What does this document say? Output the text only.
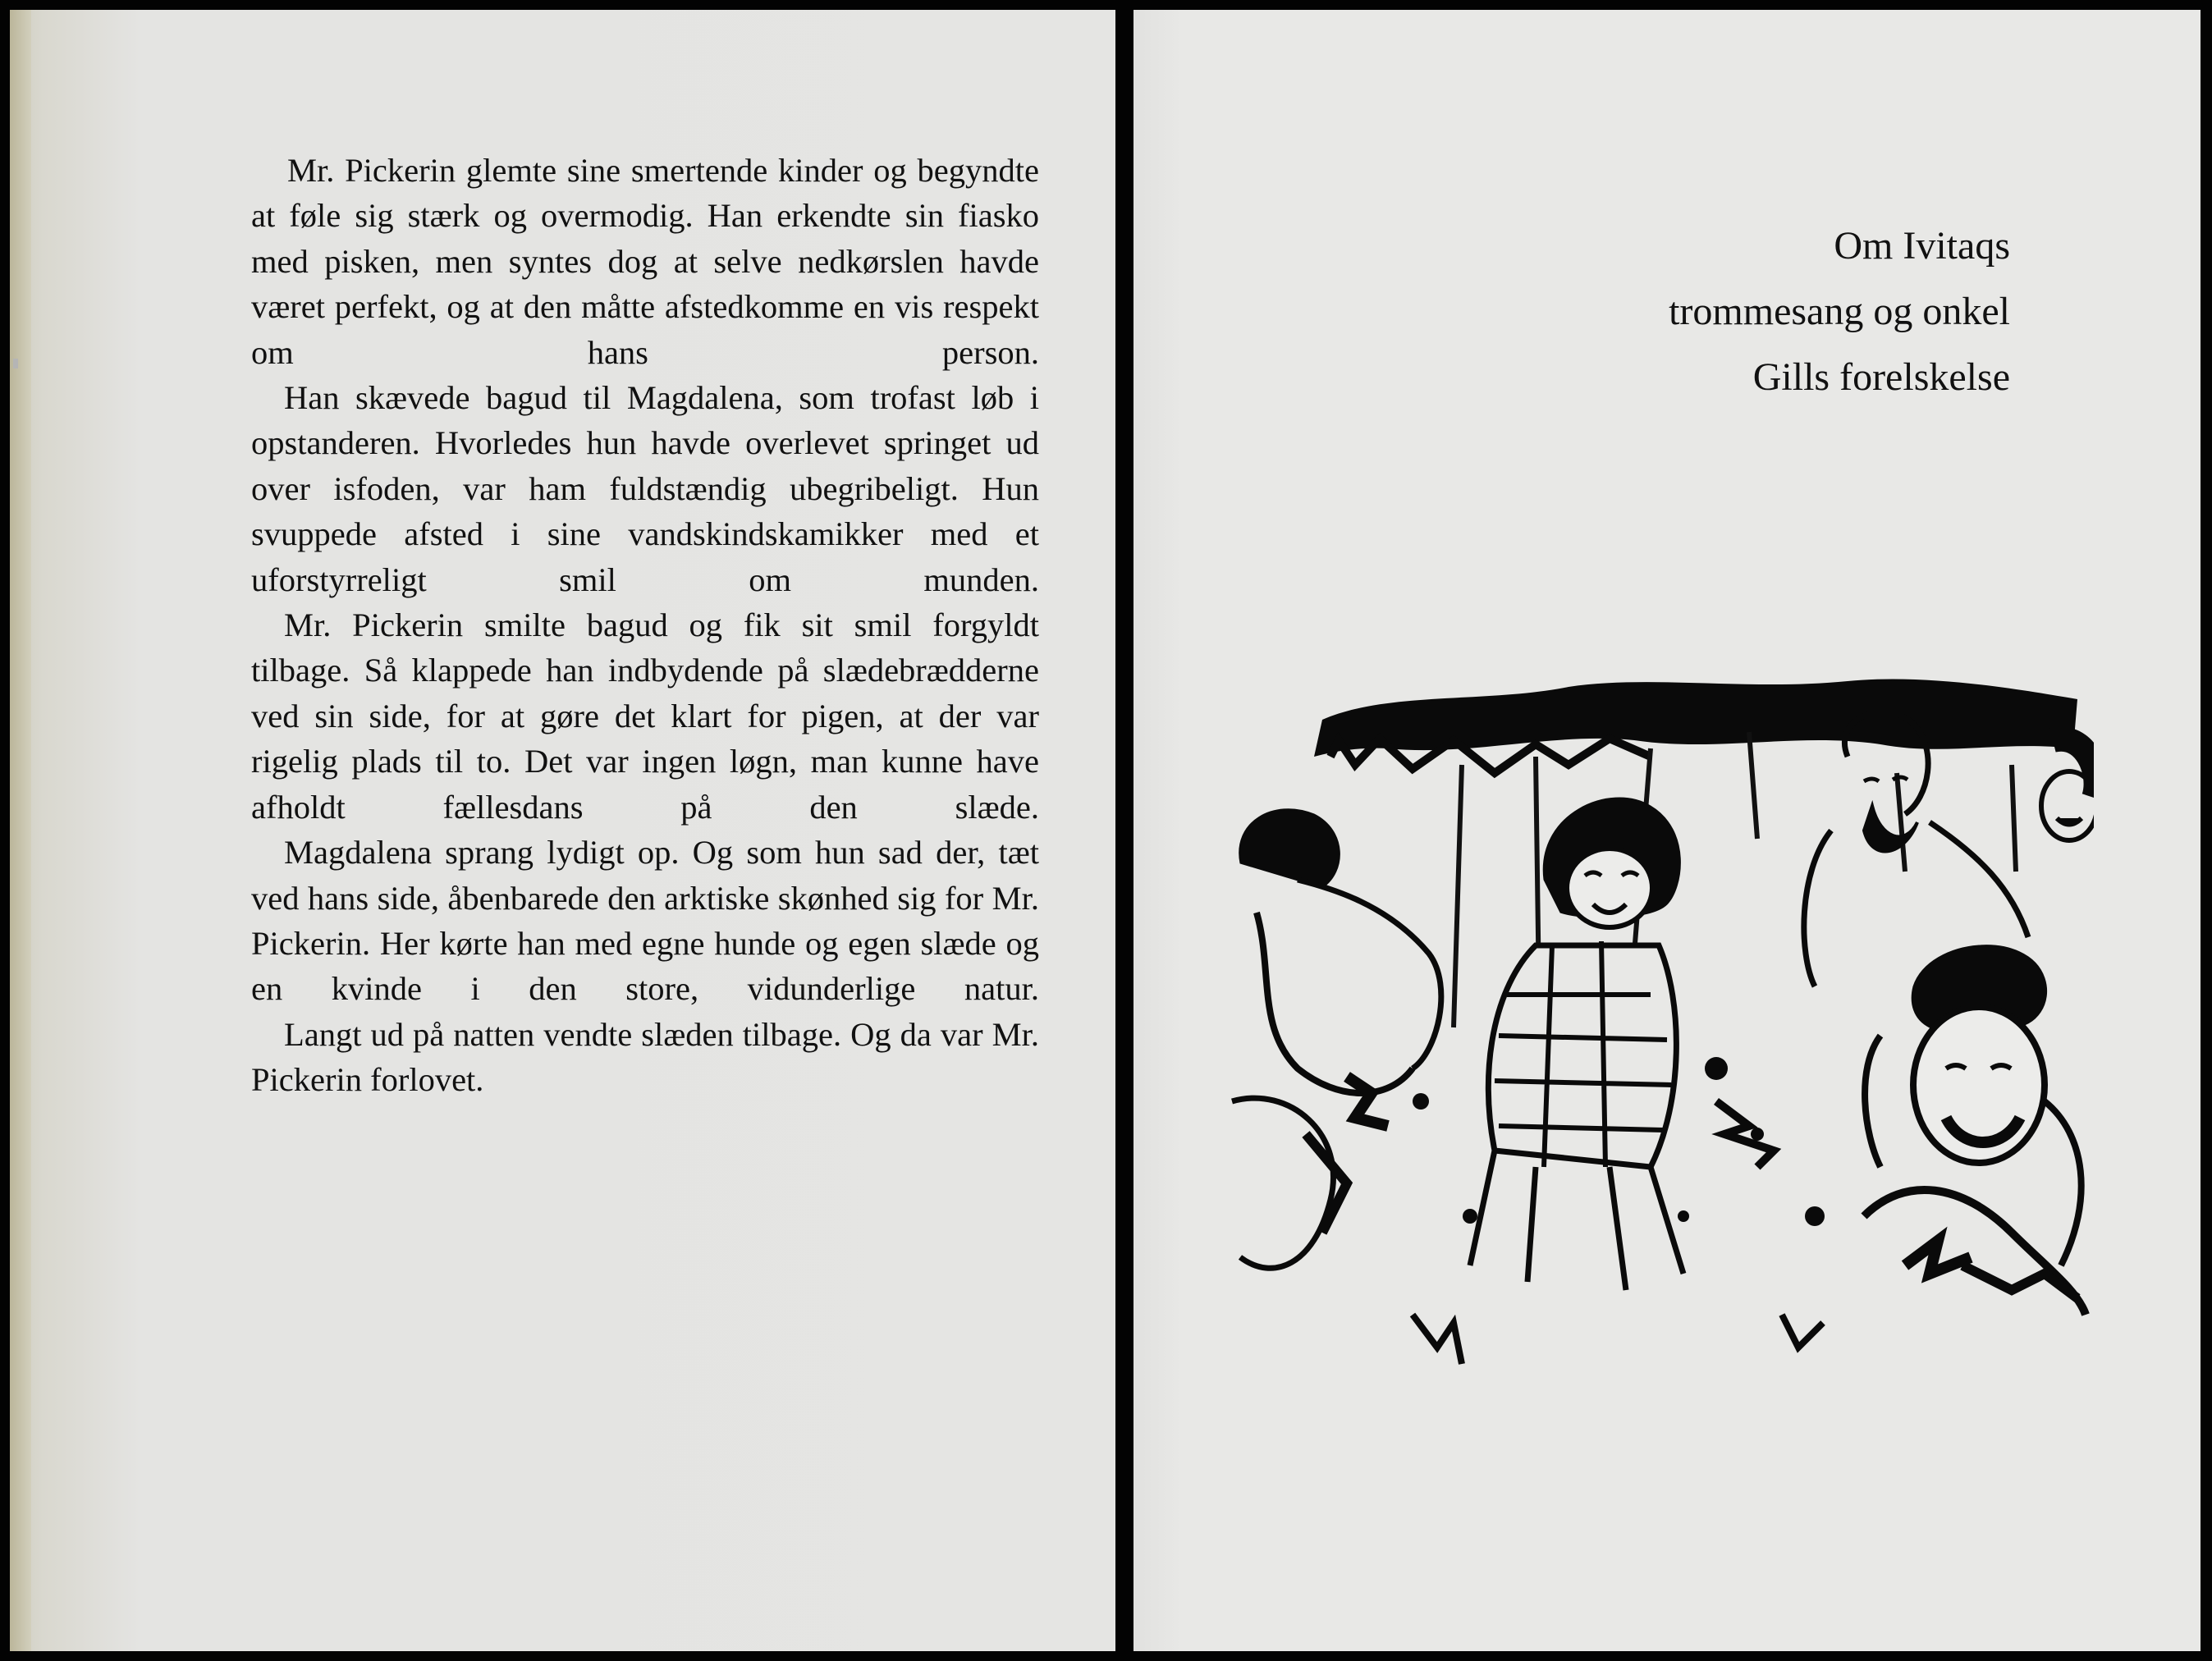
Mr. Pickerin glemte sine smertende kinder og begyndte at føle sig stærk og overmodig. Han erkendte sin fiasko med pisken, men syntes dog at selve nedkørslen havde været perfekt, og at den måtte afstedkomme en vis respekt om hans person.

Han skævede bagud til Magdalena, som trofast løb i opstanderen. Hvorledes hun havde overlevet springet ud over isfoden, var ham fuldstændig ubegribeligt. Hun svuppede afsted i sine vandskindskamikker med et uforstyrreligt smil om munden.

Mr. Pickerin smilte bagud og fik sit smil forgyldt tilbage. Så klappede han indbydende på slædebrædderne ved sin side, for at gøre det klart for pigen, at der var rigelig plads til to. Det var ingen løgn, man kunne have afholdt fællesdans på den slæde.

Magdalena sprang lydigt op. Og som hun sad der, tæt ved hans side, åbenbarede den arktiske skønhed sig for Mr. Pickerin. Her kørte han med egne hunde og egen slæde og en kvinde i den store, vidunderlige natur.

Langt ud på natten vendte slæden tilbage. Og da var Mr. Pickerin forlovet.

Om Ivitaqs
trommesang og onkel
Gills forelskelse
